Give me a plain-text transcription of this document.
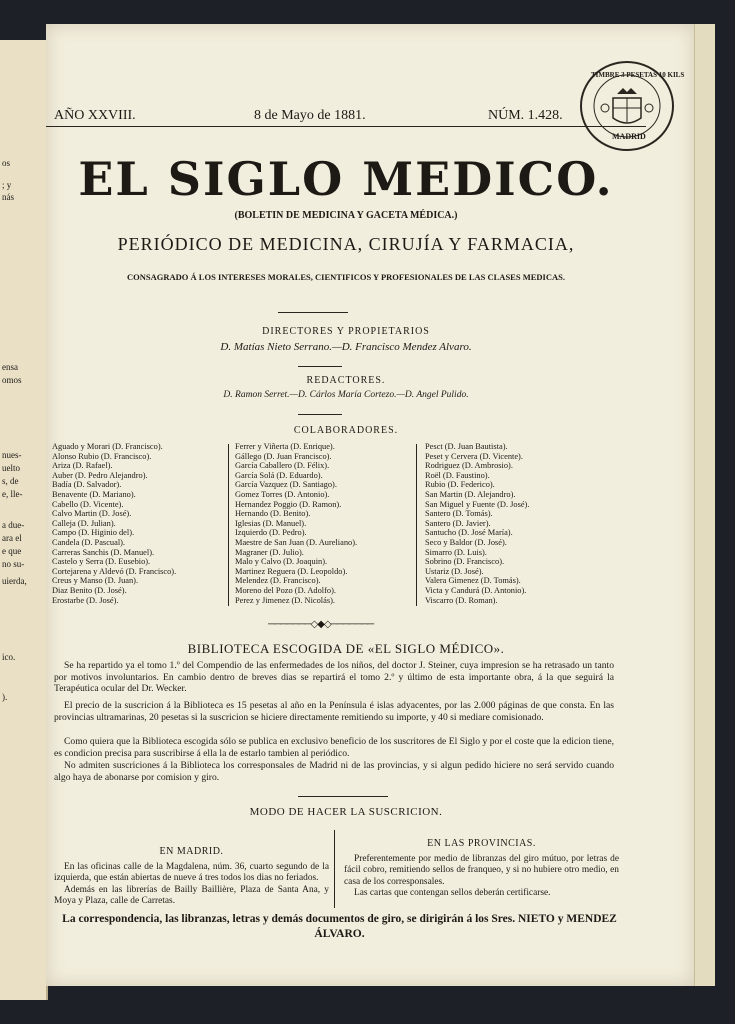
os
; y
nás
ensa
omos
nues-
uelto
s, de
e, lle-
a due-
ara el
e que
no su-
uierda,
ico.
).
AÑO XXVIII.	8 de Mayo de 1881.	NÚM. 1.428.
TIMBRE 3 PESETAS 10 KILS
MADRID
EL SIGLO MEDICO.
(BOLETIN DE MEDICINA Y GACETA MÉDICA.)
PERIÓDICO DE MEDICINA, CIRUJÍA Y FARMACIA,
CONSAGRADO Á LOS INTERESES MORALES, CIENTIFICOS Y PROFESIONALES DE LAS CLASES MEDICAS.
DIRECTORES Y PROPIETARIOS
D. Matías Nieto Serrano.—D. Francisco Mendez Alvaro.
REDACTORES.
D. Ramon Serret.—D. Cárlos María Cortezo.—D. Angel Pulido.
COLABORADORES.
Aguado y Morari (D. Francisco).
Alonso Rubio (D. Francisco).
Ariza (D. Rafael).
Auber (D. Pedro Alejandro).
Badía (D. Salvador).
Benavente (D. Mariano).
Cabello (D. Vicente).
Calvo Martin (D. José).
Calleja (D. Julian).
Campo (D. Higinio del).
Candela (D. Pascual).
Carreras Sanchis (D. Manuel).
Castelo y Serra (D. Eusebio).
Cortejarena y Aldevó (D. Francisco).
Creus y Manso (D. Juan).
Diaz Benito (D. José).
Erostarbe (D. José).
Ferrer y Viñerta (D. Enrique).
Gállego (D. Juan Francisco).
García Caballero (D. Félix).
García Solá (D. Eduardo).
García Vazquez (D. Santiago).
Gomez Torres (D. Antonio).
Hernandez Poggio (D. Ramon).
Hernando (D. Benito).
Iglesias (D. Manuel).
Izquierdo (D. Pedro).
Maestre de San Juan (D. Aureliano).
Magraner (D. Julio).
Malo y Calvo (D. Joaquin).
Martinez Reguera (D. Leopoldo).
Melendez (D. Francisco).
Moreno del Pozo (D. Adolfo).
Perez y Jimenez (D. Nicolás).
Pesct (D. Juan Bautista).
Peset y Cervera (D. Vicente).
Rodriguez (D. Ambrosio).
Roël (D. Faustino).
Rubio (D. Federico).
San Martin (D. Alejandro).
San Miguel y Fuente (D. José).
Santero (D. Tomás).
Santero (D. Javier).
Santucho (D. José María).
Seco y Baldor (D. José).
Simarro (D. Luis).
Sobrino (D. Francisco).
Ustariz (D. José).
Valera Gimenez (D. Tomás).
Victa y Candurá (D. Antonio).
Viscarro (D. Roman).
───────◇◆◇───────
BIBLIOTECA ESCOGIDA DE «EL SIGLO MÉDICO».
Se ha repartido ya el tomo 1.º del Compendio de las enfermedades de los niños, del doctor J. Steiner, cuya impresion se ha retrasado un tanto por motivos involuntarios. En cambio dentro de breves dias se repartirá el tomo 2.º y último de esta importante obra, á la que seguirá la Terapéutica ocular del Dr. Wecker.
El precio de la suscricion á la Biblioteca es 15 pesetas al año en la Península é islas adyacentes, por las 2.000 páginas de que consta. En las provincias ultramarinas, 20 pesetas si la suscricion se hiciere directamente remitiendo su importe, y 40 si mediare comisionado.
Como quiera que la Biblioteca escogida sólo se publica en exclusivo beneficio de los suscritores de El Siglo y por el coste que la edicion tiene, es condicion precisa para suscribirse á ella la de estarlo tambien al periódico.
No admiten suscriciones á la Biblioteca los corresponsales de Madrid ni de las provincias, y si algun pedido hiciere no será servido cuando algo haya de abonarse por comision y giro.
MODO DE HACER LA SUSCRICION.
EN MADRID.
En las oficinas calle de la Magdalena, núm. 36, cuarto segundo de la izquierda, que están abiertas de nueve á tres todos los dias no feriados.
Además en las librerías de Bailly Baillière, Plaza de Santa Ana, y Moya y Plaza, calle de Carretas.
EN LAS PROVINCIAS.
Preferentemente por medio de libranzas del giro mútuo, por letras de fácil cobro, remitiendo sellos de franqueo, y si no hubiere otro medio, en casa de los corresponsales.
Las cartas que contengan sellos deberán certificarse.
La correspondencia, las libranzas, letras y demás documentos de giro, se dirigirán á los Sres. NIETO y MENDEZ ÁLVARO.
